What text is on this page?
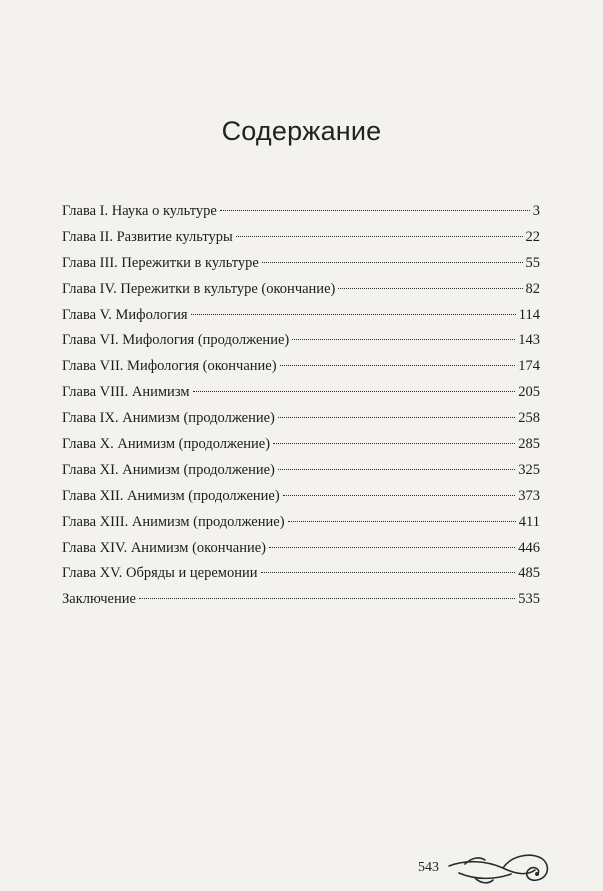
Содержание
Глава I. Наука о культуре	3
Глава II. Развитие культуры	22
Глава III. Пережитки в культуре	55
Глава IV. Пережитки в культуре (окончание)	82
Глава V. Мифология	114
Глава VI. Мифология (продолжение)	143
Глава VII. Мифология (окончание)	174
Глава VIII. Анимизм	205
Глава IX. Анимизм (продолжение)	258
Глава X. Анимизм (продолжение)	285
Глава XI. Анимизм (продолжение)	325
Глава XII. Анимизм (продолжение)	373
Глава XIII. Анимизм (продолжение)	411
Глава XIV. Анимизм (окончание)	446
Глава XV. Обряды и церемонии	485
Заключение	535
543
